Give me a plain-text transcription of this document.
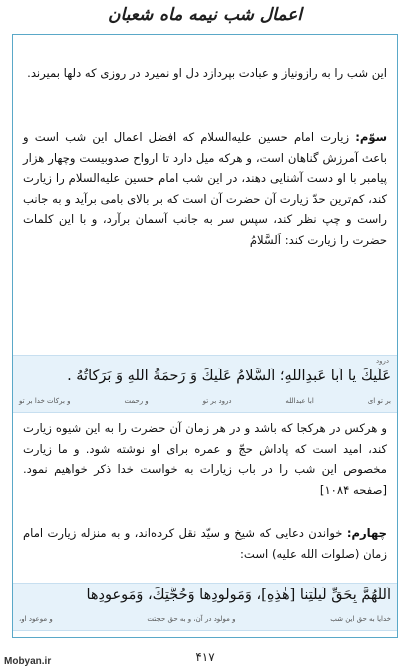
اعمال شب نیمه ماه شعبان
این شب را به رازونیاز و عبادت بپردازد دل او نمیرد در روزی که دلها بمیرند.
سوّم: زیارت امام حسین عليه‌السلام که افضل اعمال این شب است و باعث آمرزش گناهان است، و هرکه میل دارد تا ارواح صدوبیست وچهار هزار پیامبر با او دست آشنایی دهند، در این شب امام حسین عليه‌السلام را زیارت کند، کم‌ترین حدّ زیارت آن حضرت آن است که بر بالای بامی برآید و به جانب راست و چپ نظر کند، سپس سر به جانب آسمان برآرد، و با این کلمات حضرت را زیارت کند: اَلسَّلامُ
درود
عَلَيكَ يا اَبا عَبدِاللهِ؛ اَلسَّلامُ عَلَيكَ وَ رَحمَةُ اللهِ وَ بَرَكاتُهُ .
بر تو ای
ابا عبدالله
درود بر تو
و رحمت
و برکات خدا بر تو
و هرکس در هرکجا که باشد و در هر زمان آن حضرت را به این شیوه زیارت کند، امید است که پاداش حجّ و عمره برای او نوشته شود. و ما زیارت مخصوص این شب را در باب زیارات به خواست خدا ذکر خواهیم نمود.[صفحه ۱۰۸۴]
چهارم: خواندن دعایی که شیخ و سیّد نقل کرده‌اند، و به منزله زیارت امام زمان (صلوات الله علیه) است:
اَللّٰهُمَّ بِحَقِّ لَيلَتِنا [هٰذِهِ]، وَمَولودِها وَحُجَّتِكَ، وَمَوعودِها
خدایا به حق این شب
و مولود در آن، و به حق حجتت
و موعود او،
۴۱۷
Mobyan.ir
